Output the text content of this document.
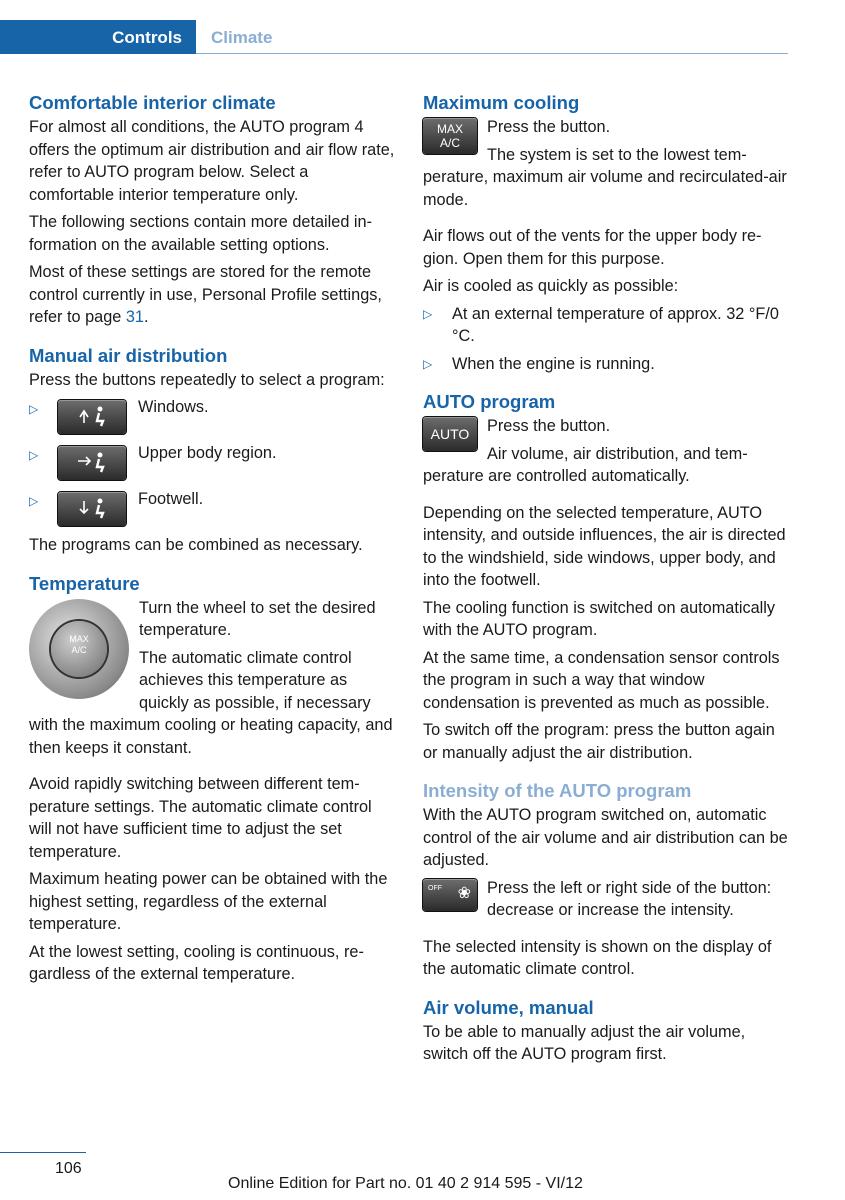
Controls Climate
Comfortable interior climate

For almost all conditions, the AUTO program 4 offers the optimum air distribution and air flow rate, refer to AUTO program below. Select a comfortable interior temperature only.

The following sections contain more detailed information on the available setting options.

Most of these settings are stored for the remote control currently in use, Personal Profile settings, refer to page 31.

Manual air distribution

Press the buttons repeatedly to select a program:

▷	Windows.
▷	Upper body region.
▷	Footwell.

The programs can be combined as necessary.

Temperature
MAX
A/C

Turn the wheel to set the desired temperature.

The automatic climate control achieves this temperature as quickly as possible, if necessary with the maximum cooling or heating capacity, and then keeps it constant.

Avoid rapidly switching between different temperature settings. The automatic climate control will not have sufficient time to adjust the set temperature.

Maximum heating power can be obtained with the highest setting, regardless of the external temperature.

At the lowest setting, cooling is continuous, regardless of the external temperature.

Maximum cooling
MAX
A/C

Press the button.

The system is set to the lowest temperature, maximum air volume and recirculated-air mode.

Air flows out of the vents for the upper body region. Open them for this purpose.

Air is cooled as quickly as possible:

▷ At an external temperature of approx. 32 °F/0 °C.
▷ When the engine is running.
AUTO program
AUTO	Press the button.

Air volume, air distribution, and temperature are controlled automatically.

Depending on the selected temperature, AUTO intensity, and outside influences, the air is directed to the windshield, side windows, upper body, and into the footwell.

The cooling function is switched on automatically with the AUTO program.

At the same time, a condensation sensor controls the program in such a way that window condensation is prevented as much as possible.

To switch off the program: press the button again or manually adjust the air distribution.

Intensity of the AUTO program

With the AUTO program switched on, automatic control of the air volume and air distribution can be adjusted.

OFF ❀ Press the left or right side of the button: decrease or increase the intensity.

The selected intensity is shown on the display of the automatic climate control.

Air volume, manual

To be able to manually adjust the air volume, switch off the AUTO program first.

106
Online Edition for Part no. 01 40 2 914 595 - VI/12
